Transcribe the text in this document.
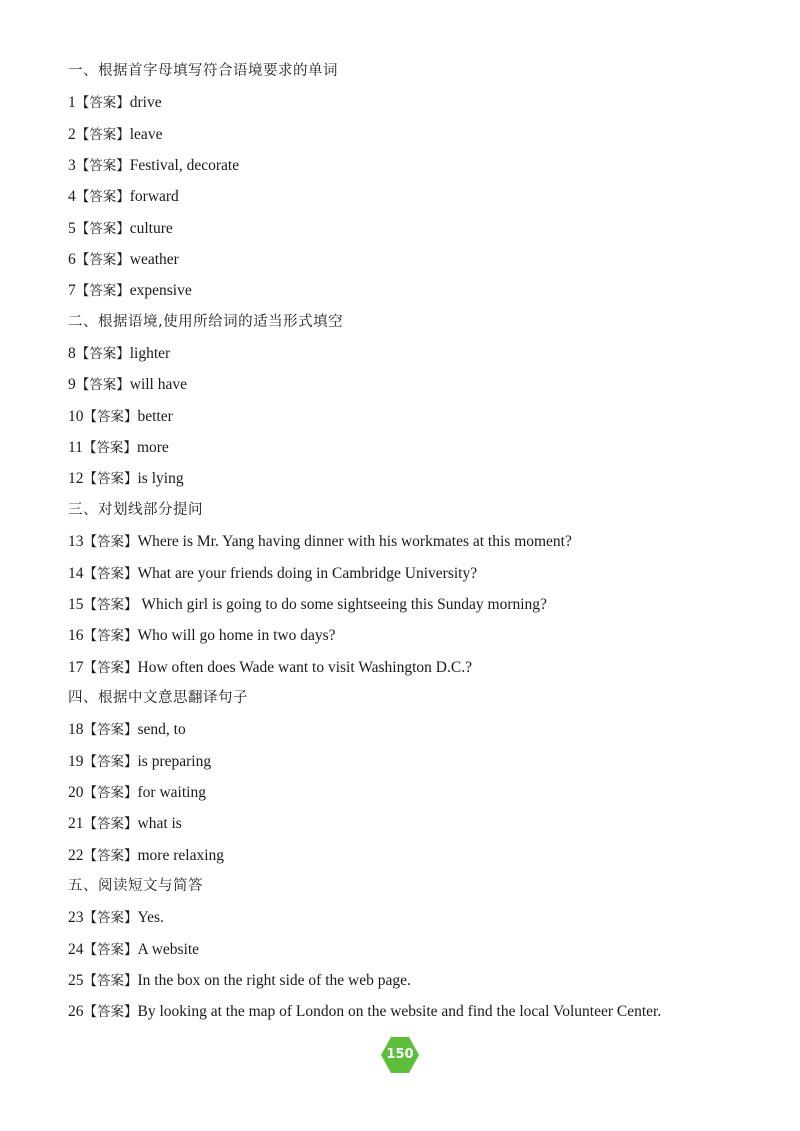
一、根据首字母填写符合语境要求的单词
1【答案】drive
2【答案】leave
3【答案】Festival, decorate
4【答案】forward
5【答案】culture
6【答案】weather
7【答案】expensive
二、根据语境,使用所给词的适当形式填空
8【答案】lighter
9【答案】will have
10【答案】better
11【答案】more
12【答案】is lying
三、对划线部分提问
13【答案】Where is Mr. Yang having dinner with his workmates at this moment?
14【答案】What are your friends doing in Cambridge University?
15【答案】 Which girl is going to do some sightseeing this Sunday morning?
16【答案】Who will go home in two days?
17【答案】How often does Wade want to visit Washington D.C.?
四、根据中文意思翻译句子
18【答案】send, to
19【答案】is preparing
20【答案】for waiting
21【答案】what is
22【答案】more relaxing
五、阅读短文与简答
23【答案】Yes.
24【答案】A website
25【答案】In the box on the right side of the web page.
26【答案】By looking at the map of London on the website and find the local Volunteer Center.
150
